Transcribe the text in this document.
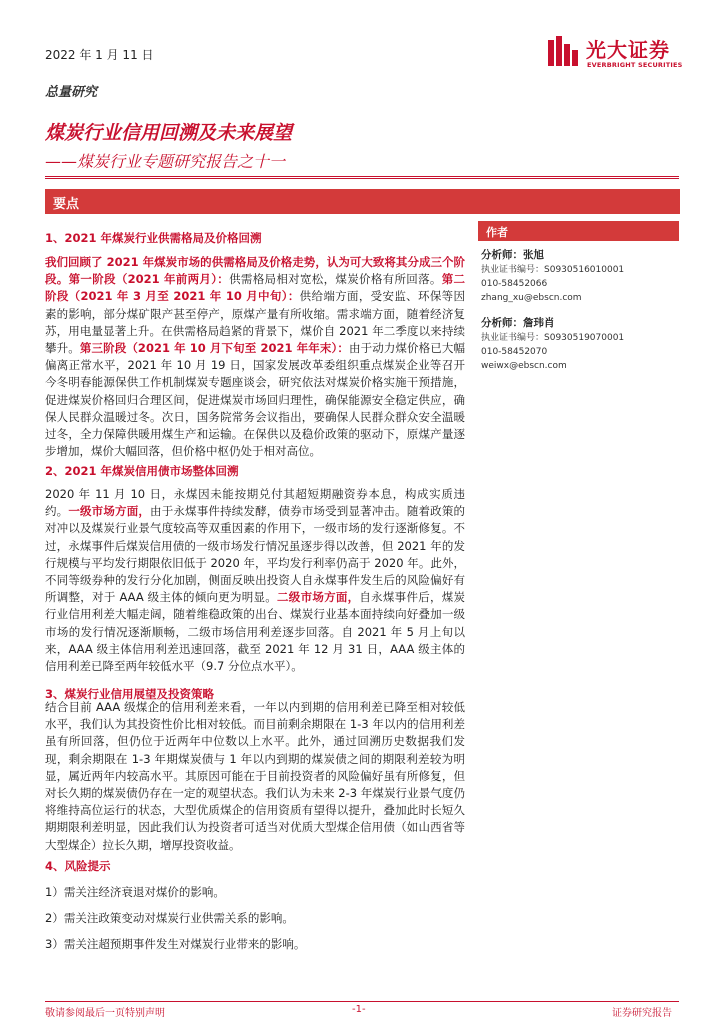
2022 年 1 月 11 日	光大证券
EVERBRIGHT SECURITIES
总量研究
煤炭行业信用回溯及未来展望
——煤炭行业专题研究报告之十一
要点
1、2021 年煤炭行业供需格局及价格回溯
我们回顾了 2021 年煤炭市场的供需格局及价格走势，认为可大致将其分成三个阶段。第一阶段（2021 年前两月）：供需格局相对宽松，煤炭价格有所回落。第二阶段（2021 年 3 月至 2021 年 10 月中旬）：供给端方面，受安监、环保等因素的影响，部分煤矿限产甚至停产，原煤产量有所收缩。需求端方面，随着经济复苏，用电量显著上升。在供需格局趋紧的背景下，煤价自 2021 年二季度以来持续攀升。第三阶段（2021 年 10 月下旬至 2021 年年末）：由于动力煤价格已大幅偏离正常水平，2021 年 10 月 19 日，国家发展改革委组织重点煤炭企业等召开今冬明春能源保供工作机制煤炭专题座谈会，研究依法对煤炭价格实施干预措施，促进煤炭价格回归合理区间，促进煤炭市场回归理性，确保能源安全稳定供应，确保人民群众温暖过冬。次日，国务院常务会议指出，要确保人民群众群众安全温暖过冬，全力保障供暖用煤生产和运输。在保供以及稳价政策的驱动下，原煤产量逐步增加，煤价大幅回落，但价格中枢仍处于相对高位。
2、2021 年煤炭信用债市场整体回溯
2020 年 11 月 10 日，永煤因未能按期兑付其超短期融资券本息，构成实质违约。一级市场方面，由于永煤事件持续发酵，债券市场受到显著冲击。随着政策的对冲以及煤炭行业景气度较高等双重因素的作用下，一级市场的发行逐渐修复。不过，永煤事件后煤炭信用债的一级市场发行情况虽逐步得以改善，但 2021 年的发行规模与平均发行期限依旧低于 2020 年，平均发行利率仍高于 2020 年。此外，不同等级券种的发行分化加剧，侧面反映出投资人自永煤事件发生后的风险偏好有所调整，对于 AAA 级主体的倾向更为明显。二级市场方面，自永煤事件后，煤炭行业信用利差大幅走阔，随着维稳政策的出台、煤炭行业基本面持续向好叠加一级市场的发行情况逐渐顺畅，二级市场信用利差逐步回落。自 2021 年 5 月上旬以来，AAA 级主体信用利差迅速回落，截至 2021 年 12 月 31 日，AAA 级主体的信用利差已降至两年较低水平（9.7 分位点水平）。
3、煤炭行业信用展望及投资策略
结合目前 AAA 级煤企的信用利差来看，一年以内到期的信用利差已降至相对较低水平，我们认为其投资性价比相对较低。而目前剩余期限在 1-3 年以内的信用利差虽有所回落，但仍位于近两年中位数以上水平。此外，通过回溯历史数据我们发现，剩余期限在 1-3 年期煤炭债与 1 年以内到期的煤炭债之间的期限利差较为明显，属近两年内较高水平。其原因可能在于目前投资者的风险偏好虽有所修复，但对长久期的煤炭债仍存在一定的观望状态。我们认为未来 2-3 年煤炭行业景气度仍将维持高位运行的状态，大型优质煤企的信用资质有望得以提升，叠加此时长短久期期限利差明显，因此我们认为投资者可适当对优质大型煤企信用债（如山西省等大型煤企）拉长久期，增厚投资收益。
4、风险提示
1）需关注经济衰退对煤价的影响。
2）需关注政策变动对煤炭行业供需关系的影响。
3）需关注超预期事件发生对煤炭行业带来的影响。
作者
分析师：张旭
执业证书编号：S0930516010001
010-58452066
zhang_xu@ebscn.com
分析师：詹玮肖
执业证书编号：S0930519070001
010-58452070
weiwx@ebscn.com
敬请参阅最后一页特别声明	-1-	证券研究报告
